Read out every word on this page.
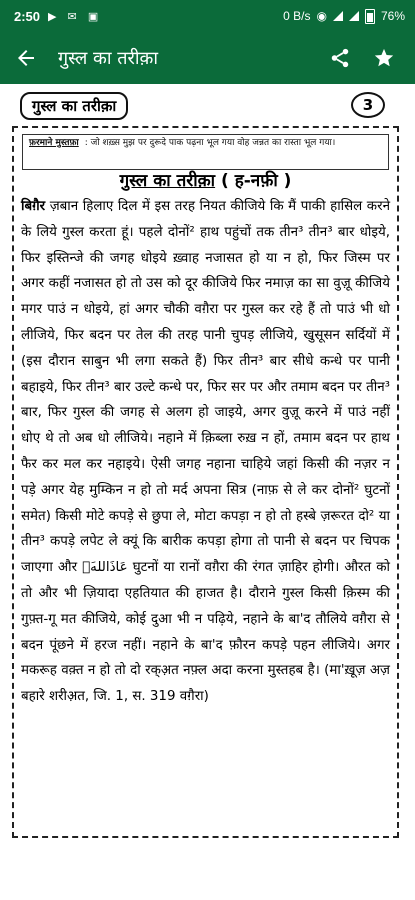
2:50 ▶ ✉ ▣	0 B/s ◉	76%
गुस्ल का तरीक़ा
गुस्ल का तरीक़ा	3
फ़रमाने मुस्तफ़ा : जो शख़्स मुझ पर दुरूदे पाक पढ़ना भूल गया वोह जन्नत का रास्ता भूल गया।
गुस्ल का तरीक़ा ( ह-नफ़ी )
बिग़ैर ज़बान हिलाए दिल में इस तरह नियत कीजिये कि मैं पाकी हासिल करने के लिये गुस्ल करता हूं। पहले दोनों² हाथ पहुंचों तक तीन³ तीन³ बार धोइये, फिर इस्तिन्जे की जगह धोइये ख़्वाह नजासत हो या न हो, फिर जिस्म पर अगर कहीं नजासत हो तो उस को दूर कीजिये फिर नमाज़ का सा वुज़ू कीजिये मगर पाउं न धोइये, हां अगर चौकी वग़ैरा पर गुस्ल कर रहे हैं तो पाउं भी धो लीजिये, फिर बदन पर तेल की तरह पानी चुपड़ लीजिये, खुसूसन सर्दियों में (इस दौरान साबुन भी लगा सकते हैं) फिर तीन³ बार सीधे कन्धे पर पानी बहाइये, फिर तीन³ बार उल्टे कन्धे पर, फिर सर पर और तमाम बदन पर तीन³ बार, फिर गुस्ल की जगह से अलग हो जाइये, अगर वुज़ू करने में पाउं नहीं धोए थे तो अब धो लीजिये। नहाने में क़िब्ला रुख़ न हों, तमाम बदन पर हाथ फैर कर मल कर नहाइये। ऐसी जगह नहाना चाहिये जहां किसी की नज़र न पड़े अगर येह मुम्किन न हो तो मर्द अपना सित्र (नाफ़ से ले कर दोनों² घुटनों समेत) किसी मोटे कपड़े से छुपा ले, मोटा कपड़ा न हो तो हस्बे ज़रूरत दो² या तीन³ कपड़े लपेट ले क्यूं कि बारीक कपड़ा होगा तो पानी से बदन पर चिपक जाएगा और मَعَاذَالله घुटनों या रानों वग़ैरा की रंगत ज़ाहिर होगी। औरत को तो और भी ज़ियादा एहतियात की हाजत है। दौराने गुस्ल किसी क़िस्म की गुफ़्त-गू मत कीजिये, कोई दुआ भी न पढ़िये, नहाने के बा'द तौलिये वग़ैरा से बदन पूंछने में हरज नहीं। नहाने के बा'द फ़ौरन कपड़े पहन लीजिये। अगर मकरूह वक़्त न हो तो दो रक्अ़त नफ़्ल अदा करना मुस्तहब है। (मा'ख़ूज़ अज़ बहारे शरीअ़त, जि. 1, स. 319 वग़ैरा)
